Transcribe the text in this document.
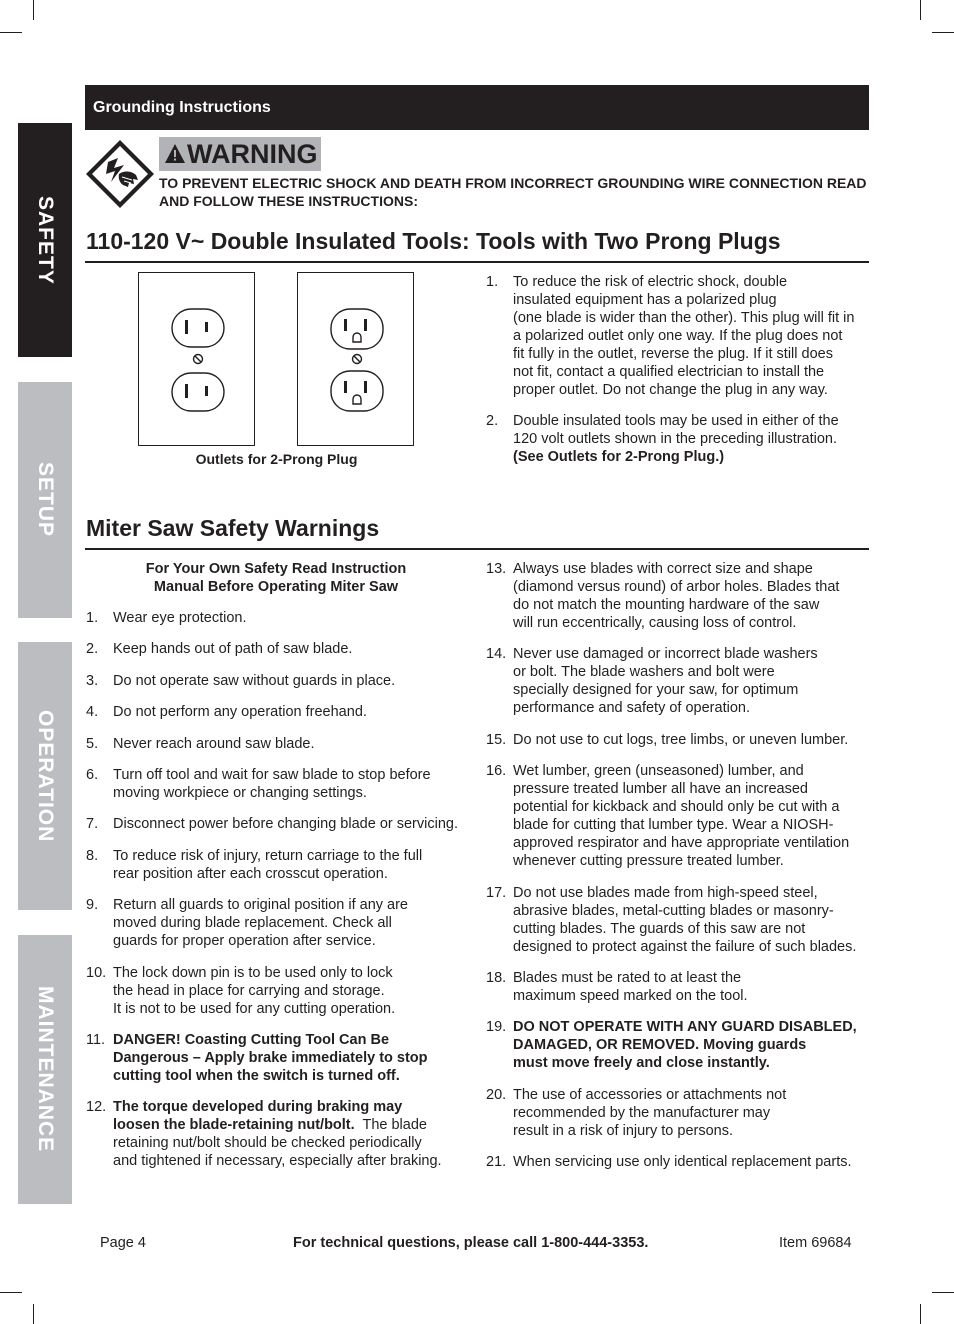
SAFETY
SETUP
OPERATION
MAINTENANCE
Grounding Instructions
WARNING
TO PREVENT ELECTRIC SHOCK AND DEATH FROM INCORRECT GROUNDING WIRE CONNECTION READ AND FOLLOW THESE INSTRUCTIONS:
110-120 V~ Double Insulated Tools: Tools with Two Prong Plugs
Outlets for 2-Prong Plug
1. To reduce the risk of electric shock, double
insulated equipment has a polarized plug
(one blade is wider than the other). This plug will fit in
a polarized outlet only one way. If the plug does not
fit fully in the outlet, reverse the plug. If it still does
not fit, contact a qualified electrician to install the
proper outlet. Do not change the plug in any way.
2. Double insulated tools may be used in either of the
120 volt outlets shown in the preceding illustration.
(See Outlets for 2-Prong Plug.)
Miter Saw Safety Warnings
For Your Own Safety Read Instruction
Manual Before Operating Miter Saw
1. Wear eye protection.
2. Keep hands out of path of saw blade.
3. Do not operate saw without guards in place.
4. Do not perform any operation freehand.
5. Never reach around saw blade.
6. Turn off tool and wait for saw blade to stop before
moving workpiece or changing settings.
7. Disconnect power before changing blade or servicing.
8. To reduce risk of injury, return carriage to the full
rear position after each crosscut operation.
9. Return all guards to original position if any are
moved during blade replacement. Check all
guards for proper operation after service.
10. The lock down pin is to be used only to lock
the head in place for carrying and storage.
It is not to be used for any cutting operation.
11. DANGER! Coasting Cutting Tool Can Be
Dangerous – Apply brake immediately to stop
cutting tool when the switch is turned off.
12. The torque developed during braking may
loosen the blade-retaining nut/bolt.  The blade
retaining nut/bolt should be checked periodically
and tightened if necessary, especially after braking.
13. Always use blades with correct size and shape
(diamond versus round) of arbor holes. Blades that
do not match the mounting hardware of the saw
will run eccentrically, causing loss of control.
14. Never use damaged or incorrect blade washers
or bolt. The blade washers and bolt were
specially designed for your saw, for optimum
performance and safety of operation.
15. Do not use to cut logs, tree limbs, or uneven lumber.
16. Wet lumber, green (unseasoned) lumber, and
pressure treated lumber all have an increased
potential for kickback and should only be cut with a
blade for cutting that lumber type. Wear a NIOSH-
approved respirator and have appropriate ventilation
whenever cutting pressure treated lumber.
17. Do not use blades made from high-speed steel,
abrasive blades, metal-cutting blades or masonry-
cutting blades. The guards of this saw are not
designed to protect against the failure of such blades.
18. Blades must be rated to at least the
maximum speed marked on the tool.
19. DO NOT OPERATE WITH ANY GUARD DISABLED,
DAMAGED, OR REMOVED. Moving guards
must move freely and close instantly.
20. The use of accessories or attachments not
recommended by the manufacturer may
result in a risk of injury to persons.
21. When servicing use only identical replacement parts.
Page 4	For technical questions, please call 1-800-444-3353.	Item 69684
